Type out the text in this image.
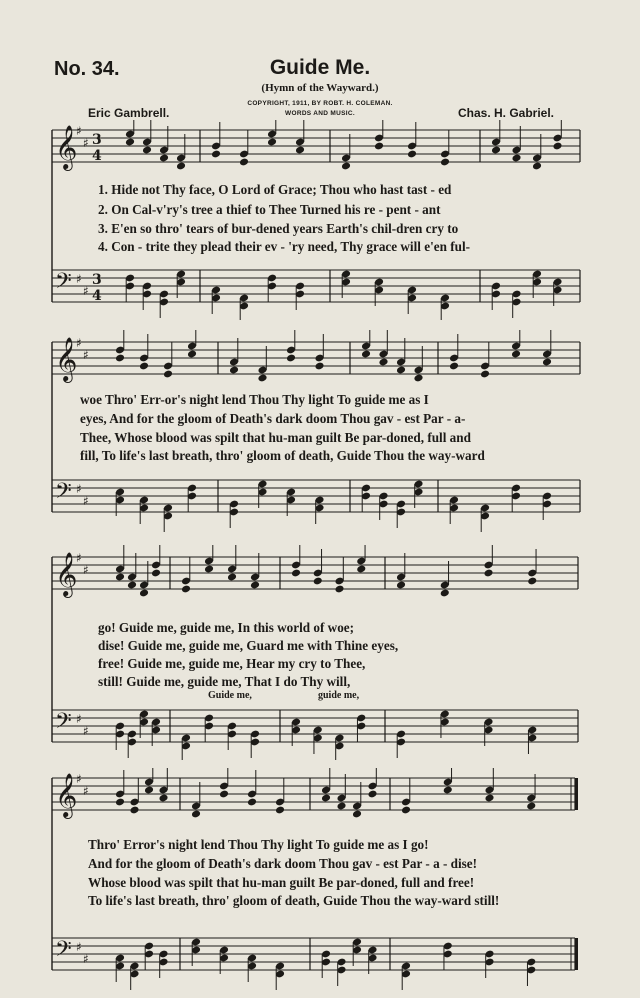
No. 34.	Guide Me.
(Hymn of the Wayward.)
COPYRIGHT, 1911, BY ROBT. H. COLEMAN.
WORDS AND MUSIC.
Eric Gambrell.	Chas. H. Gabriel.
𝄞
♯
♯ 3
4
𝄢 ♯
♯
3
4
1. Hide not Thy face, O Lord of Grace; Thou who hast tast - ed
2. On Cal-v'ry's tree a thief to Thee Turned his re - pent - ant
3. E'en so thro' tears of bur-dened years Earth's chil-dren cry to
4. Con - trite they plead their ev - 'ry need, Thy grace will e'en ful-
𝄞
♯
♯
𝄢 ♯
♯
woe Thro' Err-or's night lend Thou Thy light To guide me as I
eyes, And for the gloom of Death's dark doom Thou gav - est Par - a-
Thee, Whose blood was spilt that hu-man guilt Be par-doned, full and
fill, To life's last breath, thro' gloom of death, Guide Thou the way-ward
𝄞
♯
♯
𝄢 ♯
♯
go! Guide me, guide me, In this world of woe;
dise! Guide me, guide me, Guard me with Thine eyes,
free! Guide me, guide me, Hear my cry to Thee,
still! Guide me, guide me, That I do Thy will,
Guide me,	guide me,
𝄞
♯
♯
𝄢 ♯
♯
Thro' Error's night lend Thou Thy light To guide me as I go!
And for the gloom of Death's dark doom Thou gav - est Par - a - dise!
Whose blood was spilt that hu-man guilt Be par-doned, full and free!
To life's last breath, thro' gloom of death, Guide Thou the way-ward still!
